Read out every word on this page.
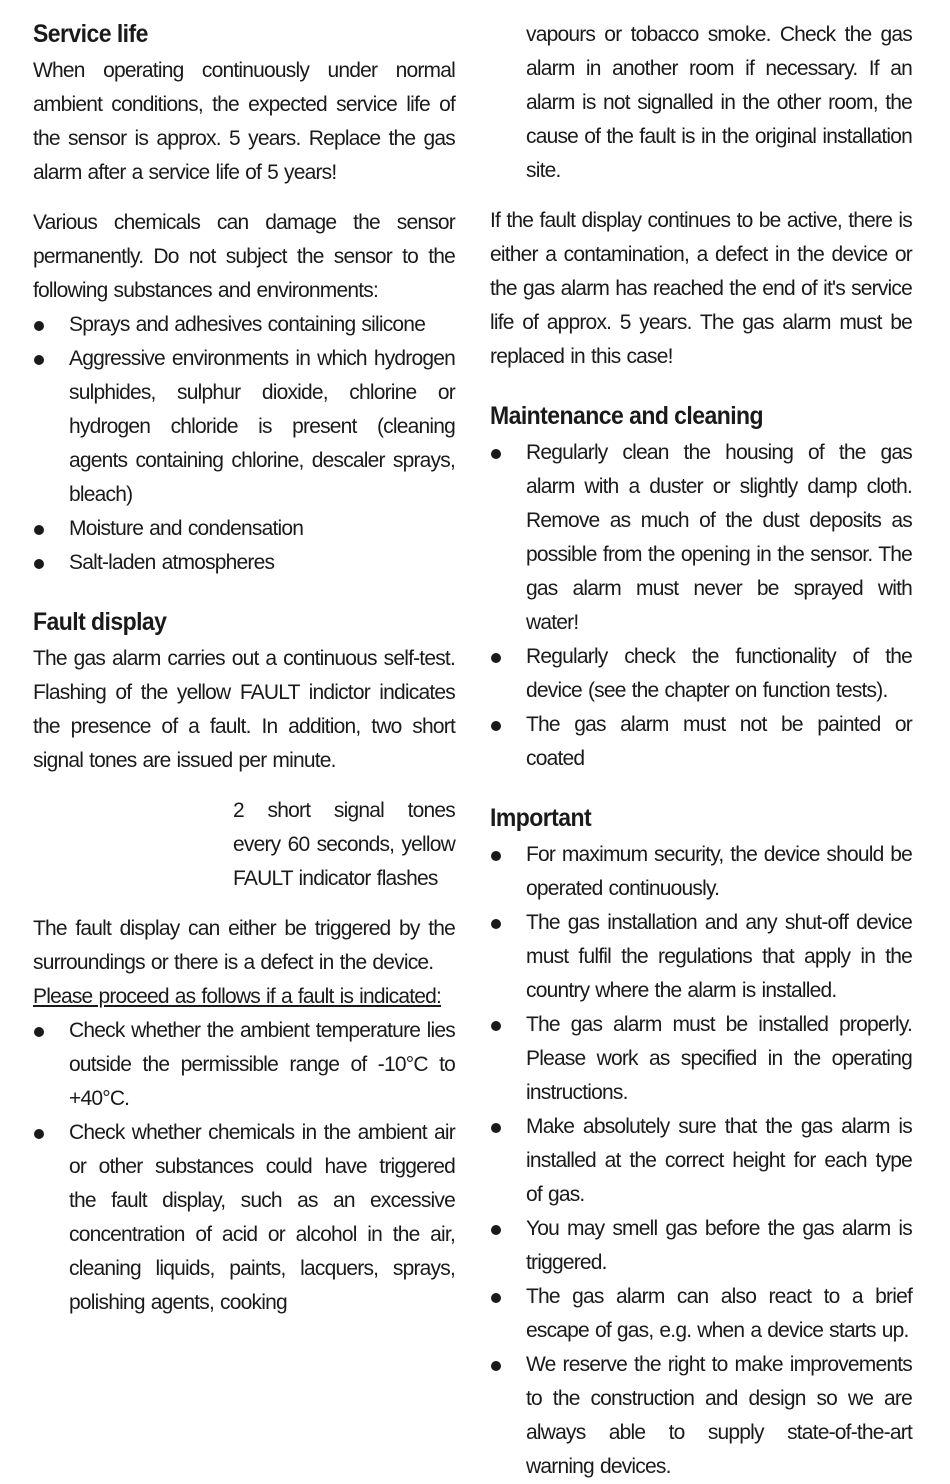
Service life

When operating continuously under normal ambient conditions, the expected service life of the sensor is approx. 5 years. Replace the gas alarm after a service life of 5 years!

Various chemicals can damage the sensor permanently. Do not subject the sensor to the following substances and environments:

Sprays and adhesives containing silicone
Aggressive environments in which hydrogen sulphides, sulphur dioxide, chlorine or hydrogen chloride is present (cleaning agents containing chlorine, descaler sprays, bleach)
Moisture and condensation
Salt-laden atmospheres
Fault display

The gas alarm carries out a continuous self-test. Flashing of the yellow FAULT indictor indicates the presence of a fault. In addition, two short signal tones are issued per minute.

2 short signal tones every 60 seconds, yellow FAULT indicator flashes

The fault display can either be triggered by the surroundings or there is a defect in the device.

Please proceed as follows if a fault is indicated:

Check whether the ambient temperature lies outside the permissible range of -10°C to +40°C.
Check whether chemicals in the ambient air or other substances could have triggered the fault display, such as an excessive concentration of acid or alcohol in the air, cleaning liquids, paints, lacquers, sprays, polishing agents, cooking

vapours or tobacco smoke. Check the gas alarm in another room if necessary. If an alarm is not signalled in the other room, the cause of the fault is in the original installation site.

If the fault display continues to be active, there is either a contamination, a defect in the device or the gas alarm has reached the end of it's service life of approx. 5 years. The gas alarm must be replaced in this case!

Maintenance and cleaning
Regularly clean the housing of the gas alarm with a duster or slightly damp cloth. Remove as much of the dust deposits as possible from the opening in the sensor. The gas alarm must never be sprayed with water!
Regularly check the functionality of the device (see the chapter on function tests).
The gas alarm must not be painted or coated
Important
For maximum security, the device should be operated continuously.
The gas installation and any shut-off device must fulfil the regulations that apply in the country where the alarm is installed.
The gas alarm must be installed properly. Please work as specified in the operating instructions.
Make absolutely sure that the gas alarm is installed at the correct height for each type of gas.
You may smell gas before the gas alarm is triggered.
The gas alarm can also react to a brief escape of gas, e.g. when a device starts up.
We reserve the right to make improvements to the construction and design so we are always able to supply state-of-the-art warning devices.
